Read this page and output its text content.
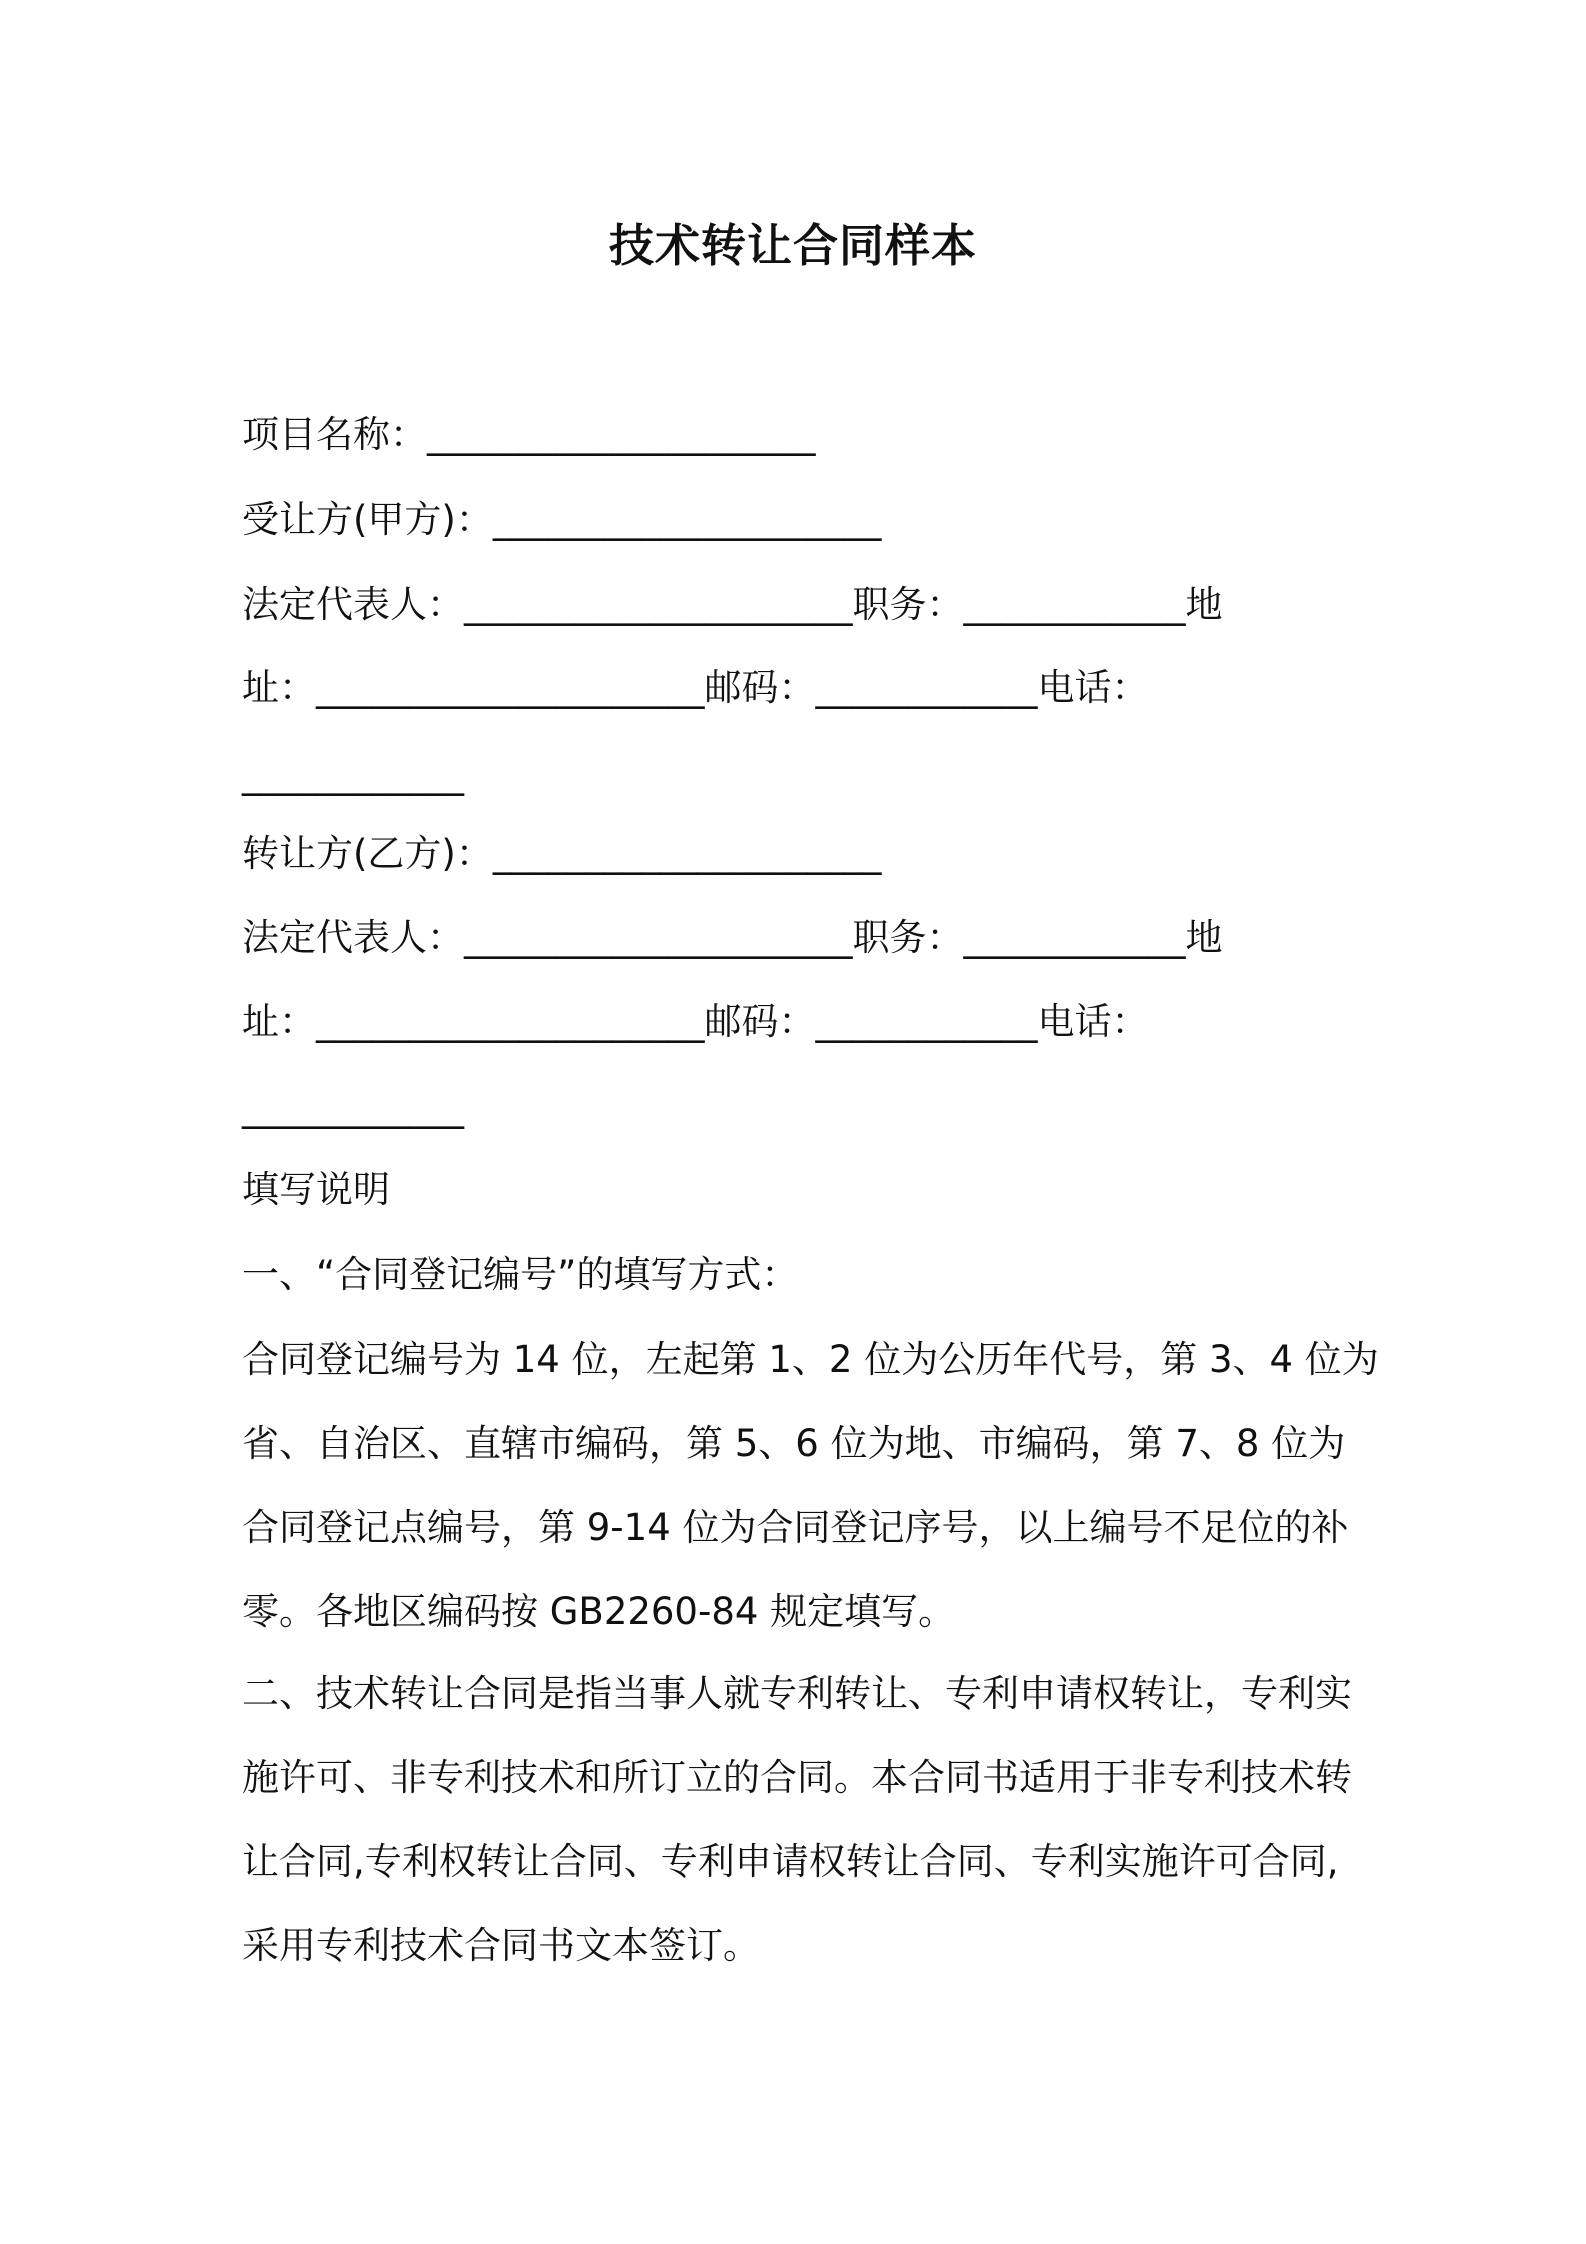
技术转让合同样本
项目名称：_____________________
受让方(甲方)：_____________________
法定代表人：_____________________职务：____________地
址：_____________________邮码：____________电话：
____________
转让方(乙方)：_____________________
法定代表人：_____________________职务：____________地
址：_____________________邮码：____________电话：
____________
填写说明
一、“合同登记编号”的填写方式：
合同登记编号为 14 位，左起第 1、2 位为公历年代号，第 3、4 位为
省、自治区、直辖市编码，第 5、6 位为地、市编码，第 7、8 位为
合同登记点编号，第 9-14 位为合同登记序号，以上编号不足位的补
零。各地区编码按 GB2260-84 规定填写。
二、技术转让合同是指当事人就专利转让、专利申请权转让，专利实
施许可、非专利技术和所订立的合同。本合同书适用于非专利技术转
让合同,专利权转让合同、专利申请权转让合同、专利实施许可合同,
采用专利技术合同书文本签订。
